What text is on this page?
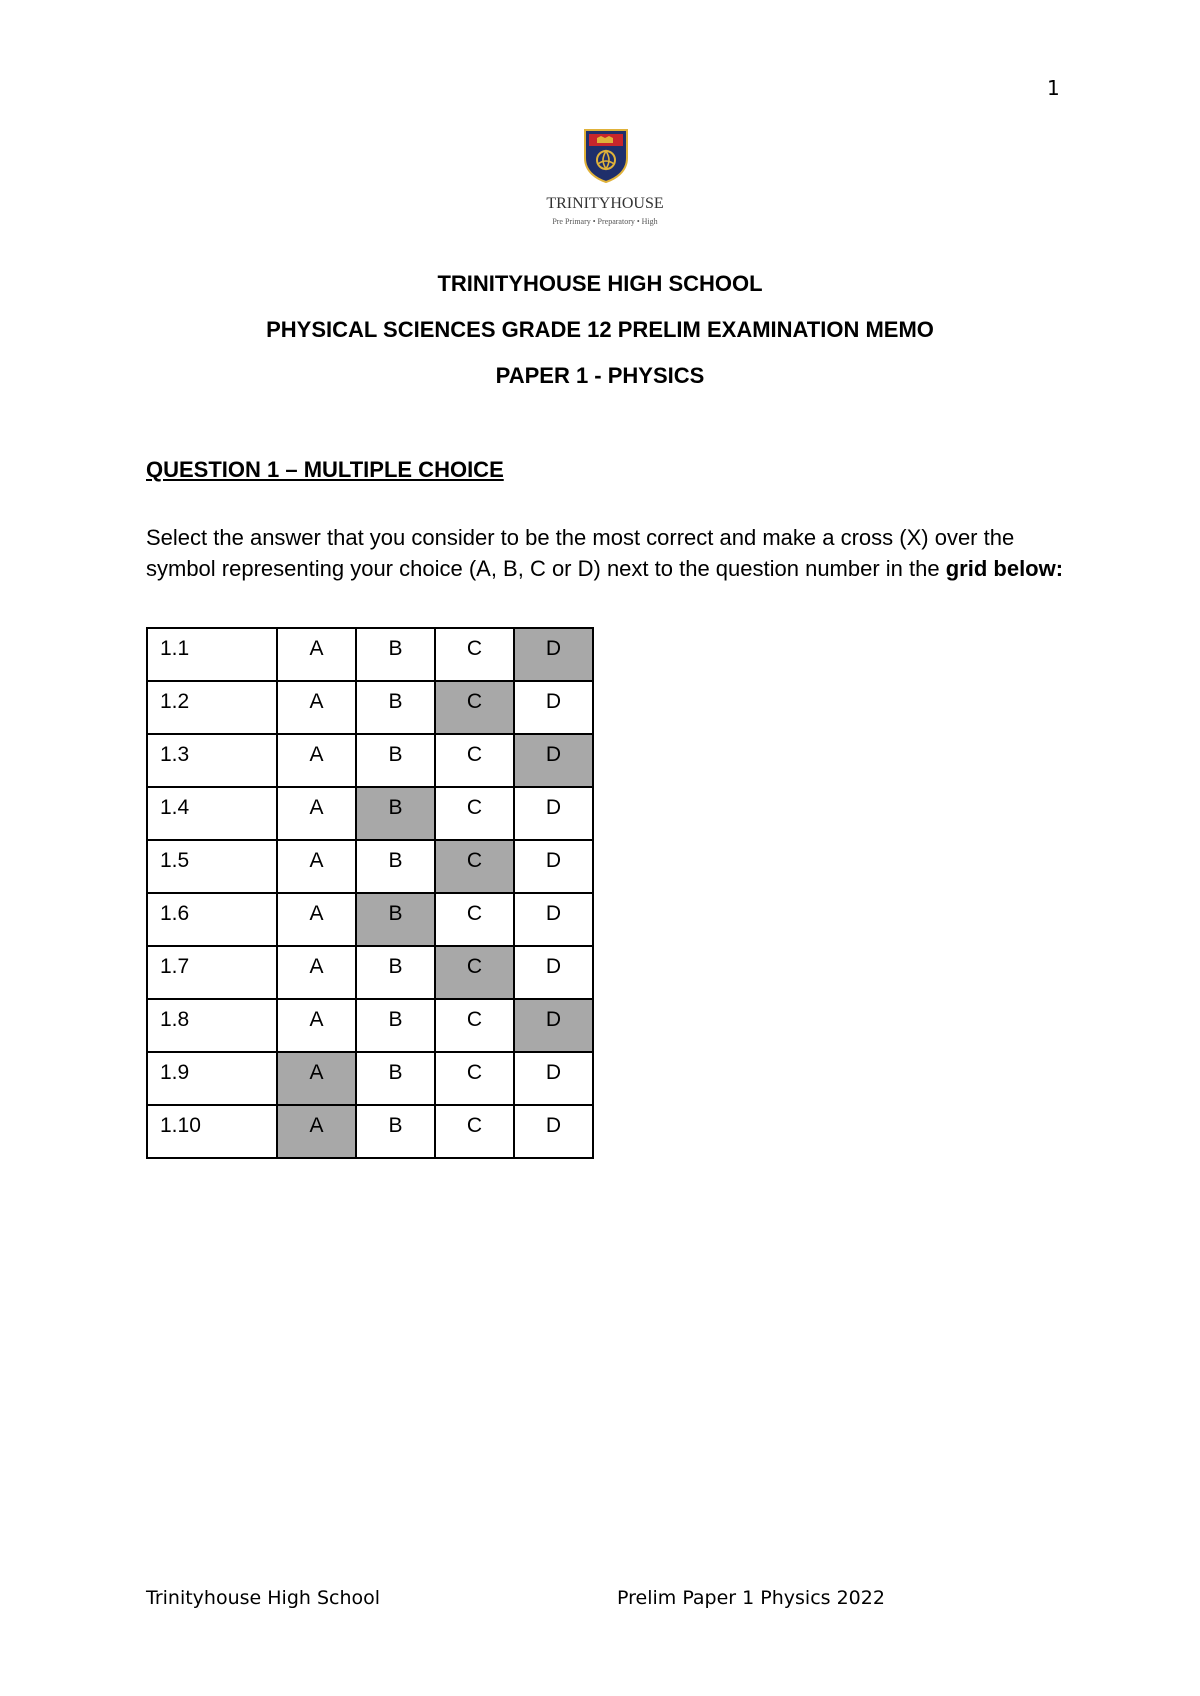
1
TRINITYHOUSE
Pre Primary • Preparatory • High
TRINITYHOUSE HIGH SCHOOL
PHYSICAL SCIENCES GRADE 12 PRELIM EXAMINATION MEMO
PAPER 1 - PHYSICS
QUESTION 1 – MULTIPLE CHOICE
Select the answer that you consider to be the most correct and make a cross (X) over the symbol representing your choice (A, B, C or D) next to the question number in the grid below:
1.1	A	B	C	D

1.2	A	B	C	D

1.3	A	B	C	D

1.4	A	B	C	D

1.5	A	B	C	D

1.6	A	B	C	D

1.7	A	B	C	D

1.8	A	B	C	D

1.9	A	B	C	D

1.10	A	B	C	D
Trinityhouse High School	Prelim Paper 1 Physics 2022
